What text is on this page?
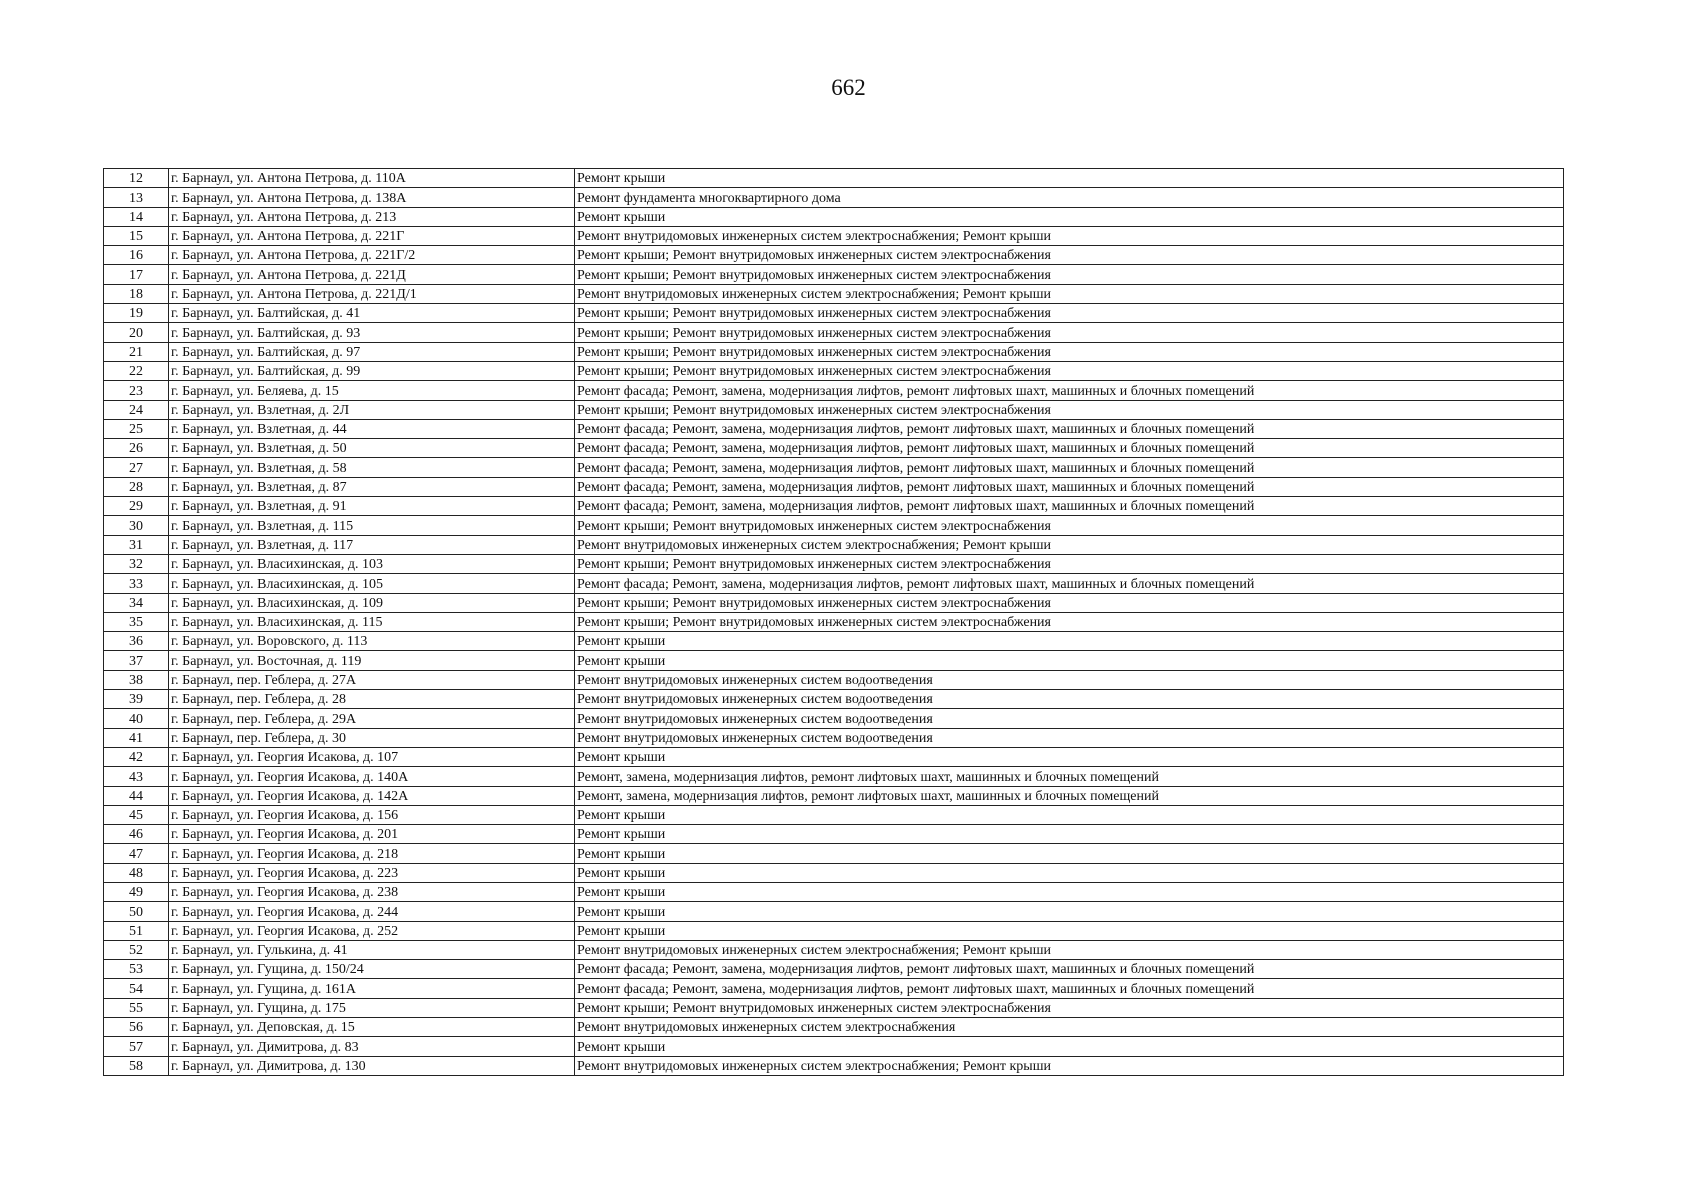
662
12	г. Барнаул, ул. Антона Петрова, д. 110А	Ремонт крыши
13	г. Барнаул, ул. Антона Петрова, д. 138А	Ремонт фундамента многоквартирного дома
14	г. Барнаул, ул. Антона Петрова, д. 213	Ремонт крыши
15	г. Барнаул, ул. Антона Петрова, д. 221Г	Ремонт внутридомовых инженерных систем электроснабжения; Ремонт крыши
16	г. Барнаул, ул. Антона Петрова, д. 221Г/2	Ремонт крыши; Ремонт внутридомовых инженерных систем электроснабжения
17	г. Барнаул, ул. Антона Петрова, д. 221Д	Ремонт крыши; Ремонт внутридомовых инженерных систем электроснабжения
18	г. Барнаул, ул. Антона Петрова, д. 221Д/1	Ремонт внутридомовых инженерных систем электроснабжения; Ремонт крыши
19	г. Барнаул, ул. Балтийская, д. 41	Ремонт крыши; Ремонт внутридомовых инженерных систем электроснабжения
20	г. Барнаул, ул. Балтийская, д. 93	Ремонт крыши; Ремонт внутридомовых инженерных систем электроснабжения
21	г. Барнаул, ул. Балтийская, д. 97	Ремонт крыши; Ремонт внутридомовых инженерных систем электроснабжения
22	г. Барнаул, ул. Балтийская, д. 99	Ремонт крыши; Ремонт внутридомовых инженерных систем электроснабжения
23	г. Барнаул, ул. Беляева, д. 15	Ремонт фасада; Ремонт, замена, модернизация лифтов, ремонт лифтовых шахт, машинных и блочных помещений
24	г. Барнаул, ул. Взлетная, д. 2Л	Ремонт крыши; Ремонт внутридомовых инженерных систем электроснабжения
25	г. Барнаул, ул. Взлетная, д. 44	Ремонт фасада; Ремонт, замена, модернизация лифтов, ремонт лифтовых шахт, машинных и блочных помещений
26	г. Барнаул, ул. Взлетная, д. 50	Ремонт фасада; Ремонт, замена, модернизация лифтов, ремонт лифтовых шахт, машинных и блочных помещений
27	г. Барнаул, ул. Взлетная, д. 58	Ремонт фасада; Ремонт, замена, модернизация лифтов, ремонт лифтовых шахт, машинных и блочных помещений
28	г. Барнаул, ул. Взлетная, д. 87	Ремонт фасада; Ремонт, замена, модернизация лифтов, ремонт лифтовых шахт, машинных и блочных помещений
29	г. Барнаул, ул. Взлетная, д. 91	Ремонт фасада; Ремонт, замена, модернизация лифтов, ремонт лифтовых шахт, машинных и блочных помещений
30	г. Барнаул, ул. Взлетная, д. 115	Ремонт крыши; Ремонт внутридомовых инженерных систем электроснабжения
31	г. Барнаул, ул. Взлетная, д. 117	Ремонт внутридомовых инженерных систем электроснабжения; Ремонт крыши
32	г. Барнаул, ул. Власихинская, д. 103	Ремонт крыши; Ремонт внутридомовых инженерных систем электроснабжения
33	г. Барнаул, ул. Власихинская, д. 105	Ремонт фасада; Ремонт, замена, модернизация лифтов, ремонт лифтовых шахт, машинных и блочных помещений
34	г. Барнаул, ул. Власихинская, д. 109	Ремонт крыши; Ремонт внутридомовых инженерных систем электроснабжения
35	г. Барнаул, ул. Власихинская, д. 115	Ремонт крыши; Ремонт внутридомовых инженерных систем электроснабжения
36	г. Барнаул, ул. Воровского, д. 113	Ремонт крыши
37	г. Барнаул, ул. Восточная, д. 119	Ремонт крыши
38	г. Барнаул, пер. Геблера, д. 27А	Ремонт внутридомовых инженерных систем водоотведения
39	г. Барнаул, пер. Геблера, д. 28	Ремонт внутридомовых инженерных систем водоотведения
40	г. Барнаул, пер. Геблера, д. 29А	Ремонт внутридомовых инженерных систем водоотведения
41	г. Барнаул, пер. Геблера, д. 30	Ремонт внутридомовых инженерных систем водоотведения
42	г. Барнаул, ул. Георгия Исакова, д. 107	Ремонт крыши
43	г. Барнаул, ул. Георгия Исакова, д. 140А	Ремонт, замена, модернизация лифтов, ремонт лифтовых шахт, машинных и блочных помещений
44	г. Барнаул, ул. Георгия Исакова, д. 142А	Ремонт, замена, модернизация лифтов, ремонт лифтовых шахт, машинных и блочных помещений
45	г. Барнаул, ул. Георгия Исакова, д. 156	Ремонт крыши
46	г. Барнаул, ул. Георгия Исакова, д. 201	Ремонт крыши
47	г. Барнаул, ул. Георгия Исакова, д. 218	Ремонт крыши
48	г. Барнаул, ул. Георгия Исакова, д. 223	Ремонт крыши
49	г. Барнаул, ул. Георгия Исакова, д. 238	Ремонт крыши
50	г. Барнаул, ул. Георгия Исакова, д. 244	Ремонт крыши
51	г. Барнаул, ул. Георгия Исакова, д. 252	Ремонт крыши
52	г. Барнаул, ул. Гулькина, д. 41	Ремонт внутридомовых инженерных систем электроснабжения; Ремонт крыши
53	г. Барнаул, ул. Гущина, д. 150/24	Ремонт фасада; Ремонт, замена, модернизация лифтов, ремонт лифтовых шахт, машинных и блочных помещений
54	г. Барнаул, ул. Гущина, д. 161А	Ремонт фасада; Ремонт, замена, модернизация лифтов, ремонт лифтовых шахт, машинных и блочных помещений
55	г. Барнаул, ул. Гущина, д. 175	Ремонт крыши; Ремонт внутридомовых инженерных систем электроснабжения
56	г. Барнаул, ул. Деповская, д. 15	Ремонт внутридомовых инженерных систем электроснабжения
57	г. Барнаул, ул. Димитрова, д. 83	Ремонт крыши
58	г. Барнаул, ул. Димитрова, д. 130	Ремонт внутридомовых инженерных систем электроснабжения; Ремонт крыши
